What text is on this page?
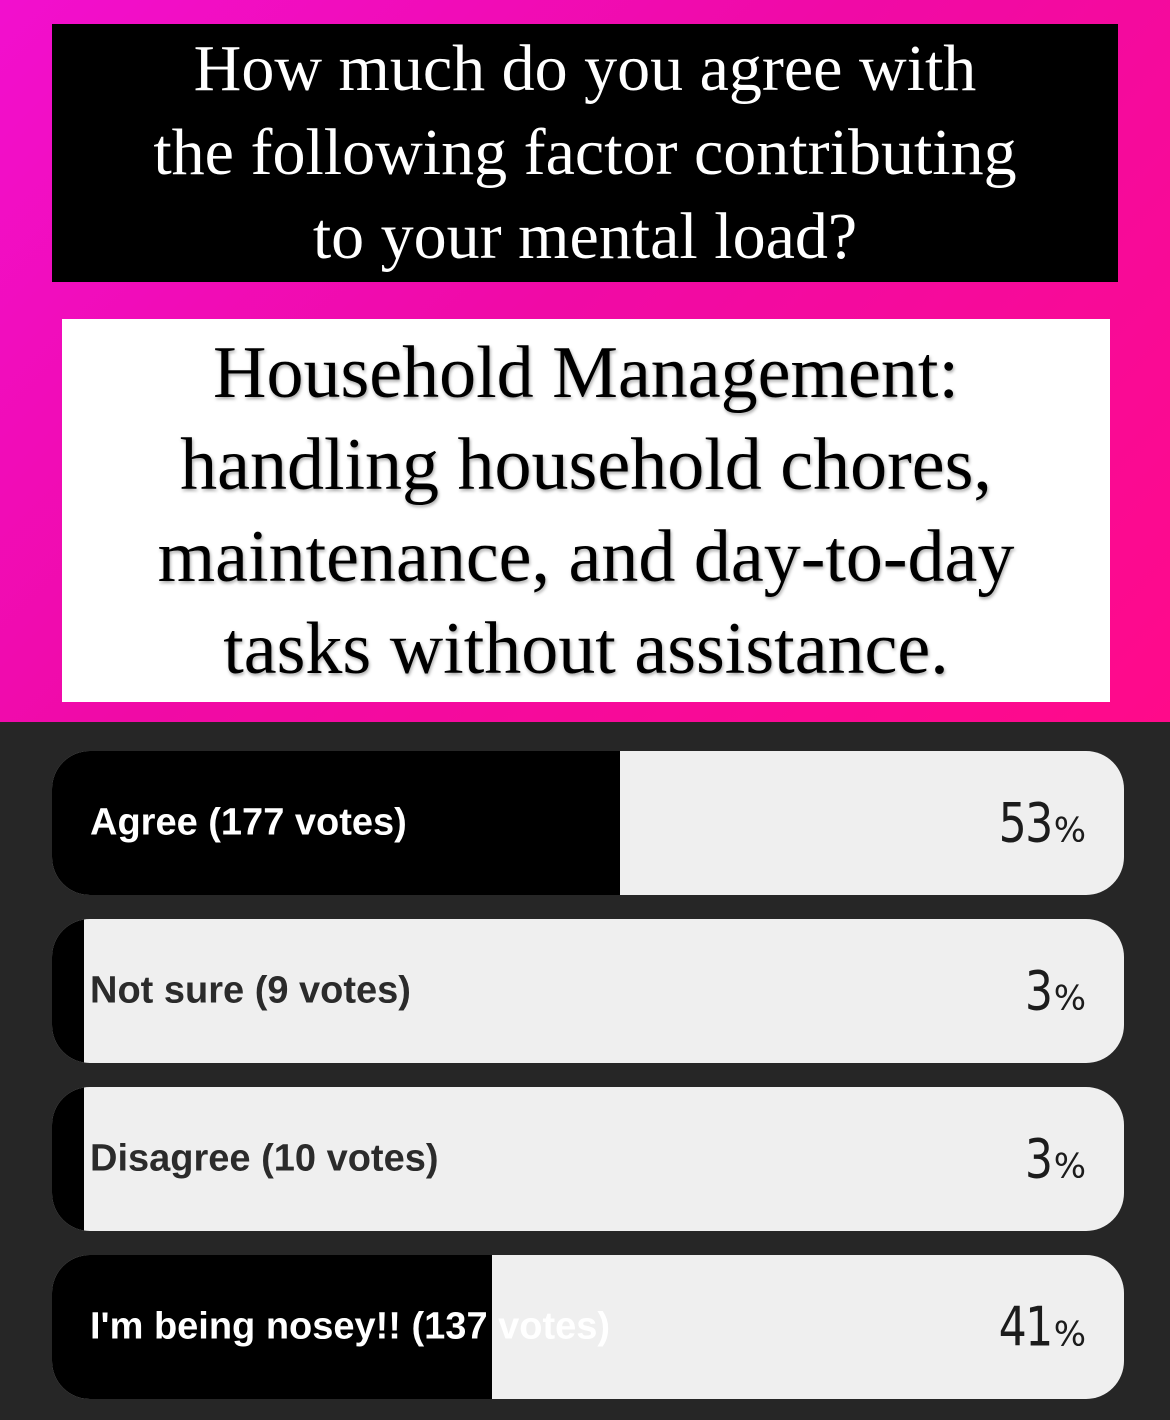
How much do you agree with
the following factor contributing
to your mental load?
Household Management:
handling household chores,
maintenance, and day-to-day
tasks without assistance.
Agree (177 votes)	53 %
Not sure (9 votes)	3 %
Disagree (10 votes)	3 %
I'm being nosey!! (137 votes)	41 %
